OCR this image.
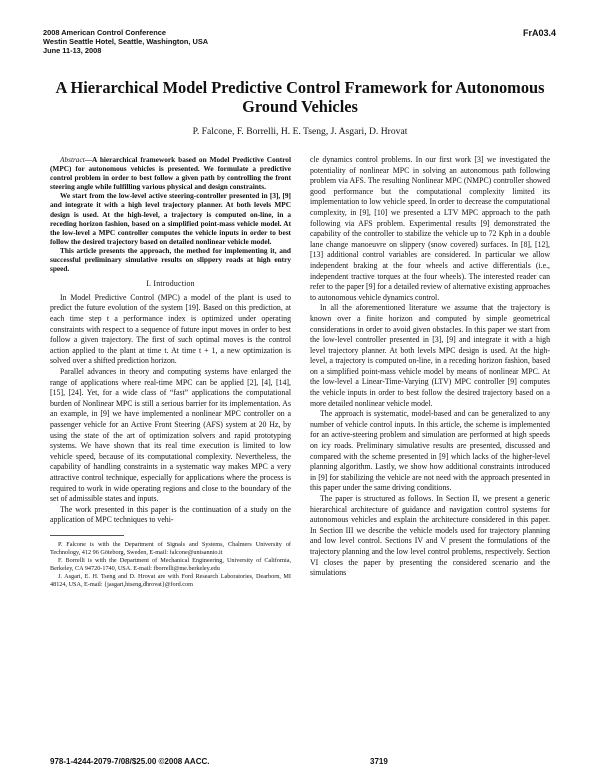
2008 American Control Conference
Westin Seattle Hotel, Seattle, Washington, USA
June 11-13, 2008
FrA03.4
A Hierarchical Model Predictive Control Framework for Autonomous Ground Vehicles
P. Falcone, F. Borrelli, H. E. Tseng, J. Asgari, D. Hrovat

Abstract—A hierarchical framework based on Model Predictive Control (MPC) for autonomous vehicles is presented. We formulate a predictive control problem in order to best follow a given path by controlling the front steering angle while fulfilling various physical and design constraints.

We start from the low-level active steering-controller presented in [3], [9] and integrate it with a high level trajectory planner. At both levels MPC design is used. At the high-level, a trajectory is computed on-line, in a receding horizon fashion, based on a simplified point-mass vehicle model. At the low-level a MPC controller computes the vehicle inputs in order to best follow the desired trajectory based on detailed nonlinear vehicle model.

This article presents the approach, the method for implementing it, and successful preliminary simulative results on slippery roads at high entry speed.

I. Introduction

In Model Predictive Control (MPC) a model of the plant is used to predict the future evolution of the system [19]. Based on this prediction, at each time step t a performance index is optimized under operating constraints with respect to a sequence of future input moves in order to best follow a given trajectory. The first of such optimal moves is the control action applied to the plant at time t. At time t + 1, a new optimization is solved over a shifted prediction horizon.

Parallel advances in theory and computing systems have enlarged the range of applications where real-time MPC can be applied [2], [4], [14], [15], [24]. Yet, for a wide class of “fast” applications the computational burden of Nonlinear MPC is still a serious barrier for its implementation. As an example, in [9] we have implemented a nonlinear MPC controller on a passenger vehicle for an Active Front Steering (AFS) system at 20 Hz, by using the state of the art of optimization solvers and rapid prototyping systems. We have shown that its real time execution is limited to low vehicle speed, because of its computational complexity. Nevertheless, the capability of handling constraints in a systematic way makes MPC a very attractive control technique, especially for applications where the process is required to work in wide operating regions and close to the boundary of the set of admissible states and inputs.

The work presented in this paper is the continuation of a study on the application of MPC techniques to vehi-

P. Falcone is with the Department of Signals and Systems, Chalmers University of Technology, 412 96 Göteborg, Sweden, E-mail: falcone@unisannio.it

F. Borrelli is with the Department of Mechanical Engineering, University of California, Berkeley, CA 94720-1740, USA. E-mail: fborrelli@me.berkeley.edu

J. Asgari, E. H. Tseng and D. Hrovat are with Ford Research Laboratories, Dearborn, MI 48124, USA, E-mail: {jasgari,htseng,dhrovat}@ford.com

cle dynamics control problems. In our first work [3] we investigated the potentiality of nonlinear MPC in solving an autonomous path following problem via AFS. The resulting Nonlinear MPC (NMPC) controller showed good performance but the computational complexity limited its implementation to low vehicle speed. In order to decrease the computational complexity, in [9], [10] we presented a LTV MPC approach to the path following via AFS problem. Experimental results [9] demonstrated the capability of the controller to stabilize the vehicle up to 72 Kph in a double lane change manoeuvre on slippery (snow covered) surfaces. In [8], [12], [13] additional control variables are considered. In particular we allow independent braking at the four wheels and active differentials (i.e., independent tractive torques at the four wheels). The interested reader can refer to the paper [9] for a detailed review of alternative existing approaches to autonomous vehicle dynamics control.

In all the aforementioned literature we assume that the trajectory is known over a finite horizon and computed by simple geometrical considerations in order to avoid given obstacles. In this paper we start from the low-level controller presented in [3], [9] and integrate it with a high level trajectory planner. At both levels MPC design is used. At the high-level, a trajectory is computed on-line, in a receding horizon fashion, based on a simplified point-mass vehicle model by means of nonlinear MPC. At the low-level a Linear-Time-Varying (LTV) MPC controller [9] computes the vehicle inputs in order to best follow the desired trajectory based on a more detailed nonlinear vehicle model.

The approach is systematic, model-based and can be generalized to any number of vehicle control inputs. In this article, the scheme is implemented for an active-steering problem and simulation are performed at high speeds on icy roads. Preliminary simulative results are presented, discussed and compared with the scheme presented in [9] which lacks of the higher-level planning algorithm. Lastly, we show how additional constraints introduced in [9] for stabilizing the vehicle are not need with the approach presented in this paper under the same driving conditions.

The paper is structured as follows. In Section II, we present a generic hierarchical architecture of guidance and navigation control systems for autonomous vehicles and explain the architecture considered in this paper. In Section III we describe the vehicle models used for trajectory planning and low level control. Sections IV and V present the formulations of the trajectory planning and the low level control problems, respectively. Section VI closes the paper by presenting the considered scenario and the simulations

978-1-4244-2079-7/08/$25.00 ©2008 AACC.	3719
